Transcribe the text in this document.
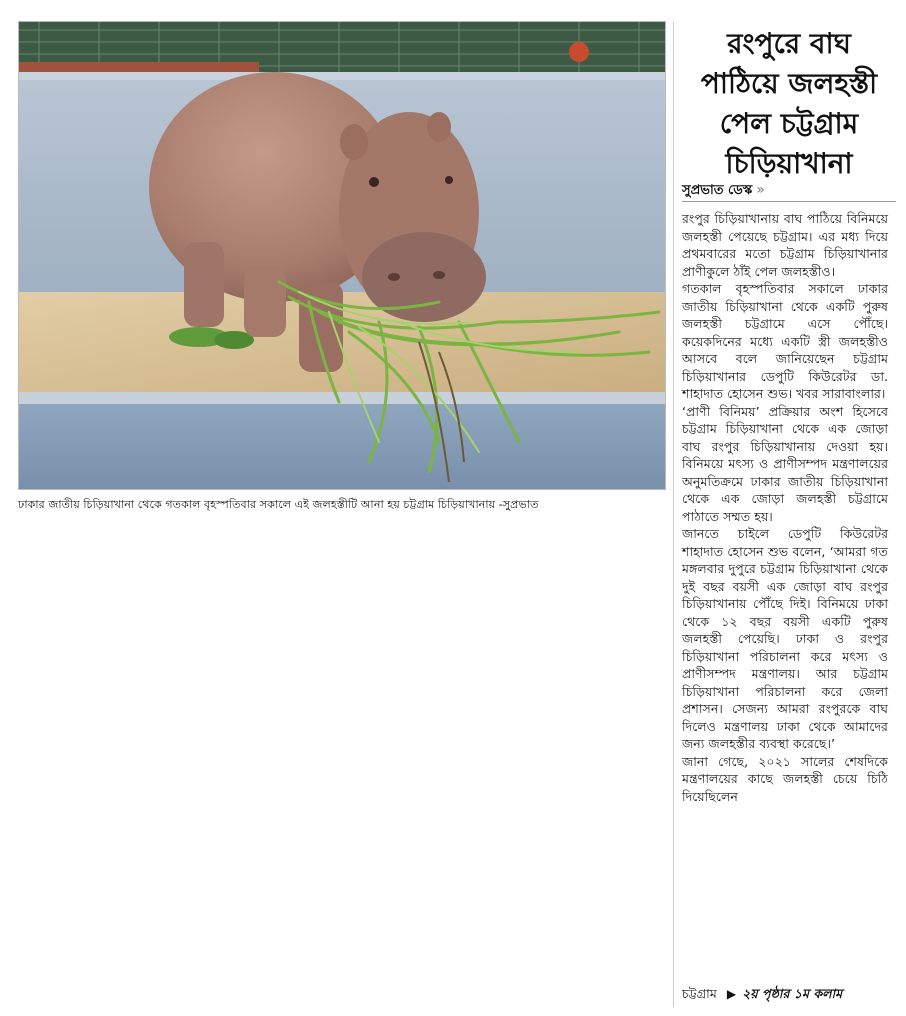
ঢাকার জাতীয় চিড়িয়াখানা থেকে গতকাল বৃহস্পতিবার সকালে এই জলহস্তীটি আনা হয় চট্টগ্রাম চিড়িয়াখানায় -সুপ্রভাত
রংপুরে বাঘ
পাঠিয়ে জলহস্তী
পেল চট্টগ্রাম
চিড়িয়াখানা
সুপ্রভাত ডেস্ক »

রংপুর চিড়িয়াখানায় বাঘ পাঠিয়ে বিনিময়ে জলহস্তী পেয়েছে চট্টগ্রাম। এর মধ্য দিয়ে প্রথমবারের মতো চট্টগ্রাম চিড়িয়াখানার প্রাণীকুলে ঠাঁই পেল জলহস্তীও।

গতকাল বৃহস্পতিবার সকালে ঢাকার জাতীয় চিড়িয়াখানা থেকে একটি পুরুষ জলহস্তী চট্টগ্রামে এসে পৌঁছে। কয়েকদিনের মধ্যে একটি স্ত্রী জলহস্তীও আসবে বলে জানিয়েছেন চট্টগ্রাম চিড়িয়াখানার ডেপুটি কিউরেটর ডা. শাহাদাত হোসেন শুভ। খবর সারাবাংলার।

‘প্রাণী বিনিময়’ প্রক্রিয়ার অংশ হিসেবে চট্টগ্রাম চিড়িয়াখানা থেকে এক জোড়া বাঘ রংপুর চিড়িয়াখানায় দেওয়া হয়। বিনিময়ে মৎস্য ও প্রাণীসম্পদ মন্ত্রণালয়ের অনুমতিক্রমে ঢাকার জাতীয় চিড়িয়াখানা থেকে এক জোড়া জলহস্তী চট্টগ্রামে পাঠাতে সম্মত হয়।

জানতে চাইলে ডেপুটি কিউরেটর শাহাদাত হোসেন শুভ বলেন, ‘আমরা গত মঙ্গলবার দুপুরে চট্টগ্রাম চিড়িয়াখানা থেকে দুই বছর বয়সী এক জোড়া বাঘ রংপুর চিড়িয়াখানায় পৌঁছে দিই। বিনিময়ে ঢাকা থেকে ১২ বছর বয়সী একটি পুরুষ জলহস্তী পেয়েছি। ঢাকা ও রংপুর চিড়িয়াখানা পরিচালনা করে মৎস্য ও প্রাণীসম্পদ মন্ত্রণালয়। আর চট্টগ্রাম চিড়িয়াখানা পরিচালনা করে জেলা প্রশাসন। সেজন্য আমরা রংপুরকে বাঘ দিলেও মন্ত্রণালয় ঢাকা থেকে আমাদের জন্য জলহস্তীর ব্যবস্থা করেছে।’

জানা গেছে, ২০২১ সালের শেষদিকে মন্ত্রণালয়ের কাছে জলহস্তী চেয়ে চিঠি দিয়েছিলেন

চট্টগ্রাম ▶ ২য় পৃষ্ঠার ১ম কলাম
